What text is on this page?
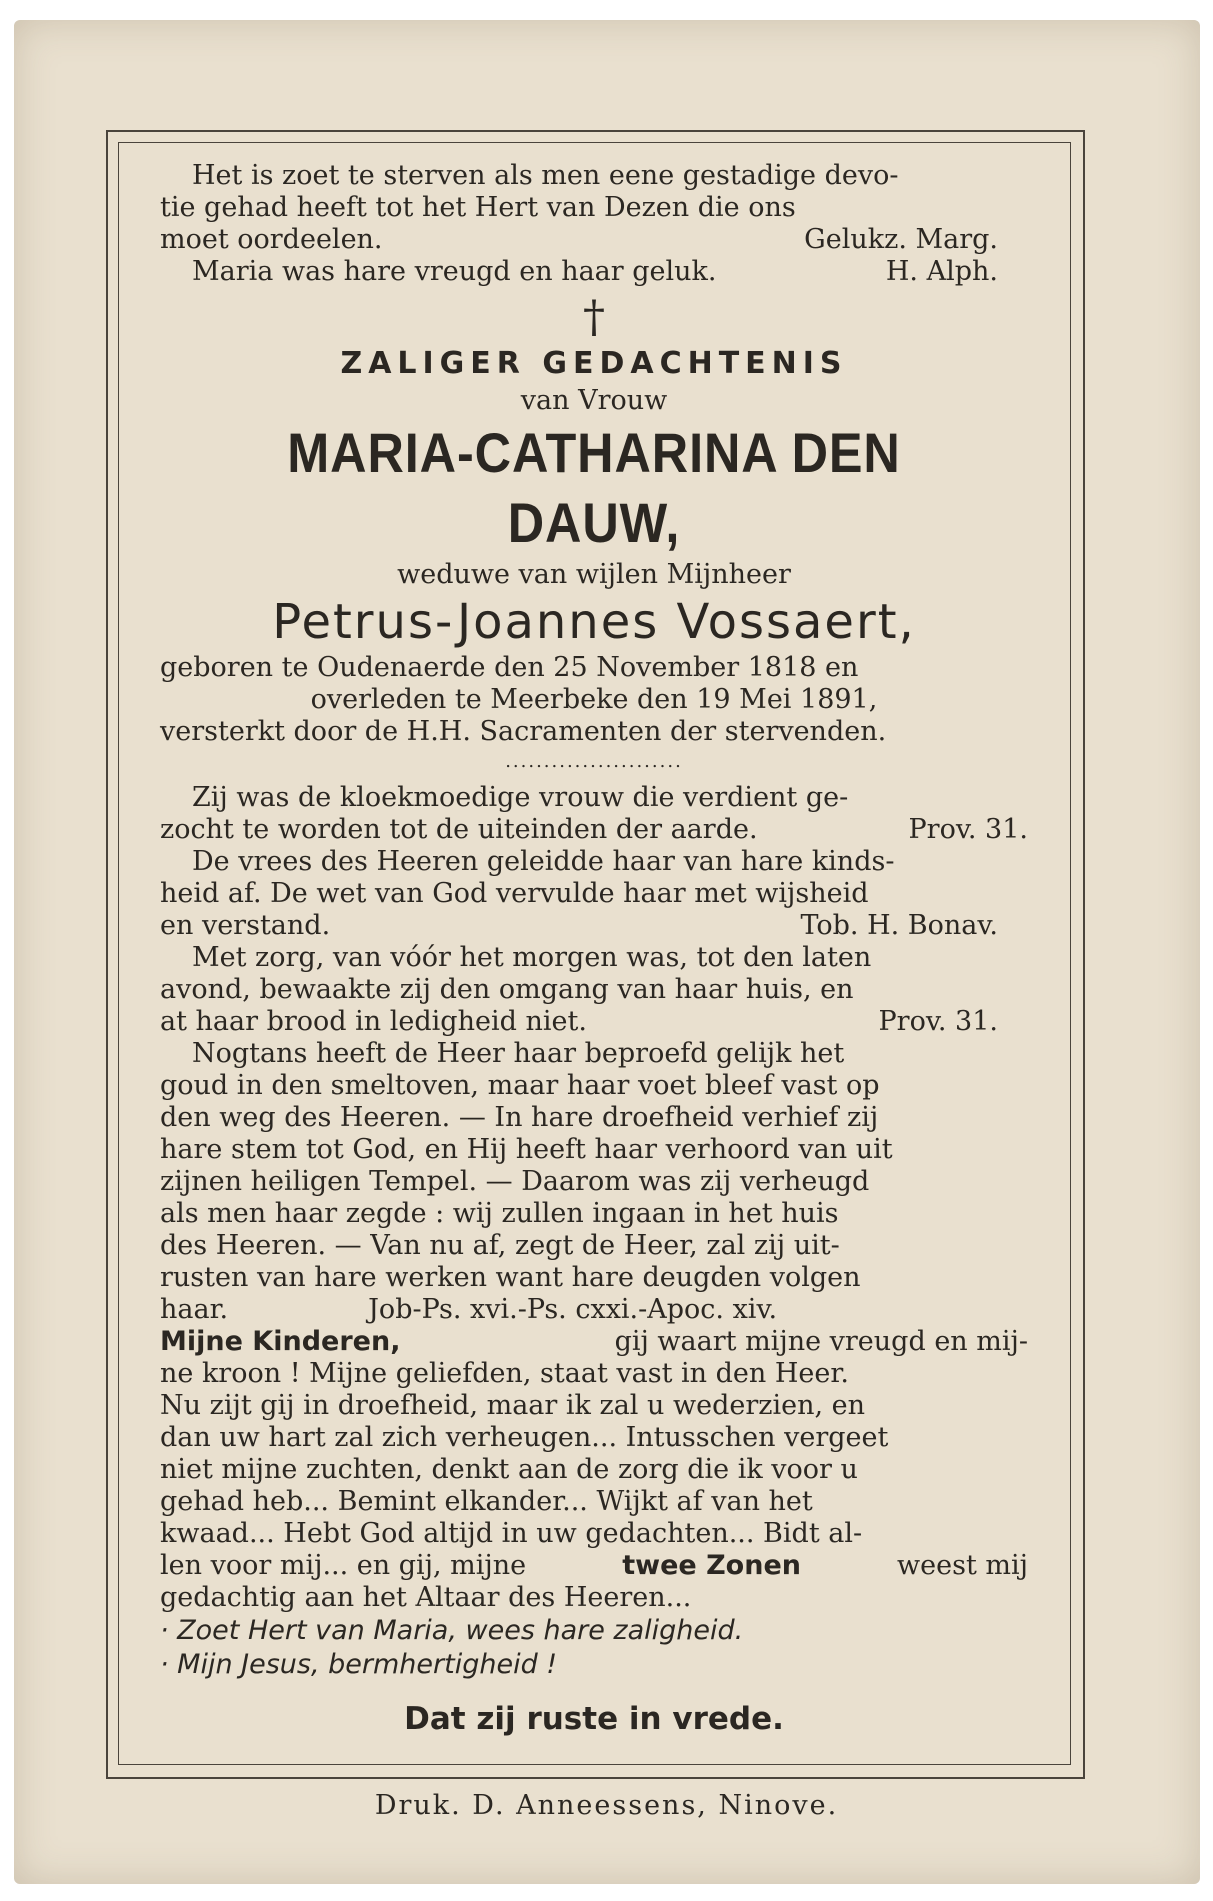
Het is zoet te sterven als men eene gestadige devo-

tie gehad heeft tot het Hert van Dezen die ons

moet oordeelen.	Gelukz. Marg.

Maria was hare vreugd en haar geluk.	H. Alph.

†
ZALIGER GEDACHTENIS
van Vrouw
MARIA-CATHARINA DEN DAUW,
weduwe van wijlen Mijnheer
Petrus-Joannes Vossaert,

geboren te Oudenaerde den 25 November 1818 en

overleden te Meerbeke den 19 Mei 1891,

versterkt door de H.H. Sacramenten der stervenden.

.......................

Zij was de kloekmoedige vrouw die verdient ge-

zocht te worden tot de uiteinden der aarde.	Prov. 31.

De vrees des Heeren geleidde haar van hare kinds-

heid af. De wet van God vervulde haar met wijsheid

en verstand.	Tob. H. Bonav.

Met zorg, van vóór het morgen was, tot den laten

avond, bewaakte zij den omgang van haar huis, en

at haar brood in ledigheid niet.	Prov. 31.

Nogtans heeft de Heer haar beproefd gelijk het

goud in den smeltoven, maar haar voet bleef vast op

den weg des Heeren. — In hare droefheid verhief zij

hare stem tot God, en Hij heeft haar verhoord van uit

zijnen heiligen Tempel. — Daarom was zij verheugd

als men haar zegde : wij zullen ingaan in het huis

des Heeren. — Van nu af, zegt de Heer, zal zij uit-

rusten van hare werken want hare deugden volgen

haar.	Job-Ps. xvi.-Ps. cxxi.-Apoc. xiv.

Mijne Kinderen,	gij waart mijne vreugd en mij-

ne kroon ! Mijne geliefden, staat vast in den Heer.

Nu zijt gij in droefheid, maar ik zal u wederzien, en

dan uw hart zal zich verheugen... Intusschen vergeet

niet mijne zuchten, denkt aan de zorg die ik voor u

gehad heb... Bemint elkander... Wijkt af van het

kwaad... Hebt God altijd in uw gedachten... Bidt al-

len voor mij... en gij, mijne	twee Zonen	weest mij

gedachtig aan het Altaar des Heeren...

· Zoet Hert van Maria, wees hare zaligheid.
· Mijn Jesus, bermhertigheid !
Dat zij ruste in vrede.
Druk. D. Anneessens, Ninove.
